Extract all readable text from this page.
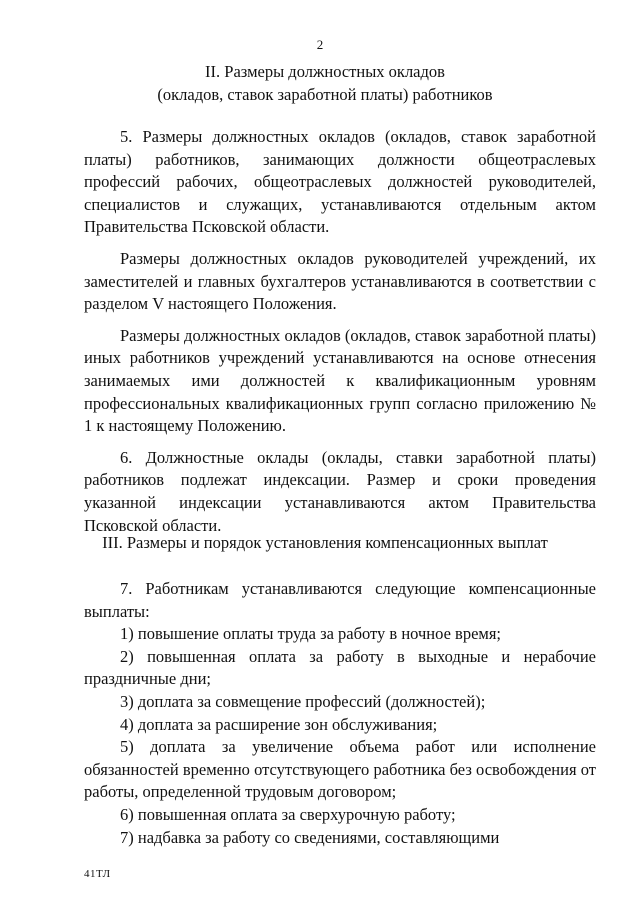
2
II. Размеры должностных окладов
(окладов, ставок заработной платы) работников

5. Размеры должностных окладов (окладов, ставок заработной платы) работников, занимающих должности общеотраслевых профессий рабочих, общеотраслевых должностей руководителей, специалистов и служащих, устанавливаются отдельным актом Правительства Псковской области.

Размеры должностных окладов руководителей учреждений, их заместителей и главных бухгалтеров устанавливаются в соответствии с разделом V настоящего Положения.

Размеры должностных окладов (окладов, ставок заработной платы) иных работников учреждений устанавливаются на основе отнесения занимаемых ими должностей к квалификационным уровням профессиональных квалификационных групп согласно приложению № 1 к настоящему Положению.

6. Должностные оклады (оклады, ставки заработной платы) работников подлежат индексации. Размер и сроки проведения указанной индексации устанавливаются актом Правительства Псковской области.

III. Размеры и порядок установления компенсационных выплат

7. Работникам устанавливаются следующие компенсационные выплаты:

1) повышение оплаты труда за работу в ночное время;

2) повышенная оплата за работу в выходные и нерабочие праздничные дни;

3) доплата за совмещение профессий (должностей);

4) доплата за расширение зон обслуживания;

5) доплата за увеличение объема работ или исполнение обязанностей временно отсутствующего работника без освобождения от работы, определенной трудовым договором;

6) повышенная оплата за сверхурочную работу;

7) надбавка за работу со сведениями, составляющими

41ТЛ
